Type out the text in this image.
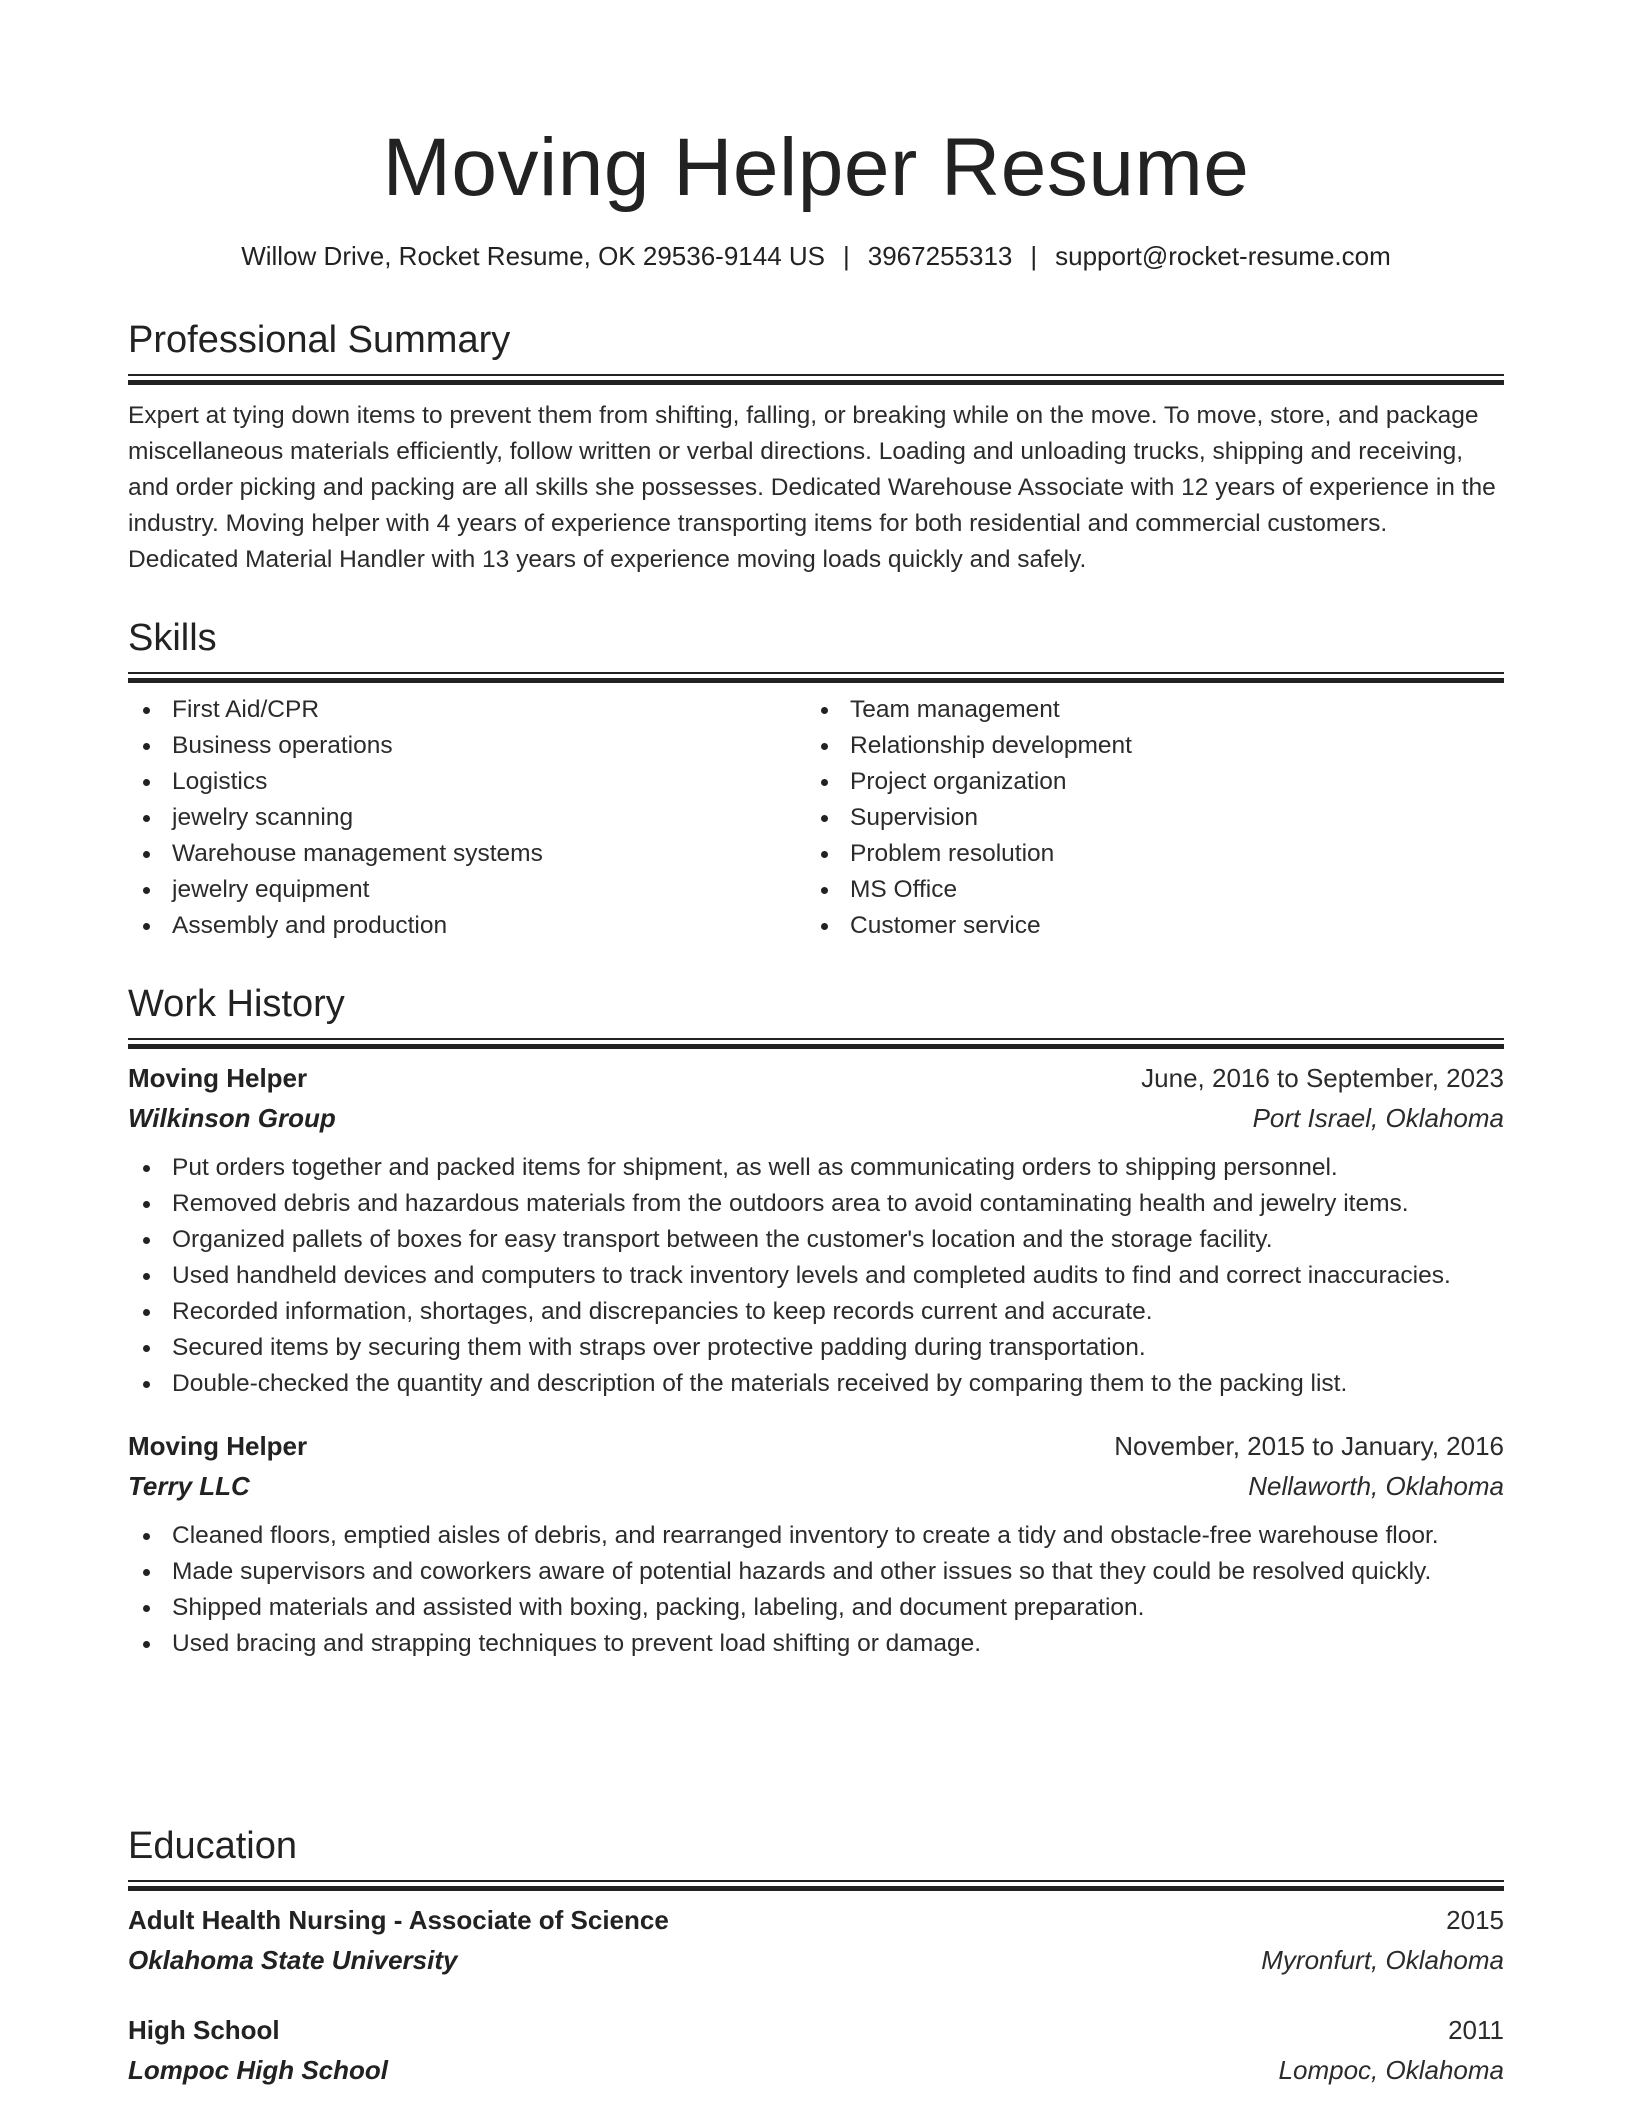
Moving Helper Resume
Willow Drive, Rocket Resume, OK 29536-9144 US | 3967255313 | support@rocket-resume.com
Professional Summary
Expert at tying down items to prevent them from shifting, falling, or breaking while on the move. To move, store, and package miscellaneous materials efficiently, follow written or verbal directions. Loading and unloading trucks, shipping and receiving, and order picking and packing are all skills she possesses. Dedicated Warehouse Associate with 12 years of experience in the industry. Moving helper with 4 years of experience transporting items for both residential and commercial customers. Dedicated Material Handler with 13 years of experience moving loads quickly and safely.
Skills
First Aid/CPR
Business operations
Logistics
jewelry scanning
Warehouse management systems
jewelry equipment
Assembly and production
Team management
Relationship development
Project organization
Supervision
Problem resolution
MS Office
Customer service
Work History
Moving Helper	June, 2016 to September, 2023
Wilkinson Group	Port Israel, Oklahoma
Put orders together and packed items for shipment, as well as communicating orders to shipping personnel.
Removed debris and hazardous materials from the outdoors area to avoid contaminating health and jewelry items.
Organized pallets of boxes for easy transport between the customer's location and the storage facility.
Used handheld devices and computers to track inventory levels and completed audits to find and correct inaccuracies.
Recorded information, shortages, and discrepancies to keep records current and accurate.
Secured items by securing them with straps over protective padding during transportation.
Double-checked the quantity and description of the materials received by comparing them to the packing list.
Moving Helper	November, 2015 to January, 2016
Terry LLC	Nellaworth, Oklahoma
Cleaned floors, emptied aisles of debris, and rearranged inventory to create a tidy and obstacle-free warehouse floor.
Made supervisors and coworkers aware of potential hazards and other issues so that they could be resolved quickly.
Shipped materials and assisted with boxing, packing, labeling, and document preparation.
Used bracing and strapping techniques to prevent load shifting or damage.
Education
Adult Health Nursing - Associate of Science	2015
Oklahoma State University	Myronfurt, Oklahoma
High School	2011
Lompoc High School	Lompoc, Oklahoma
